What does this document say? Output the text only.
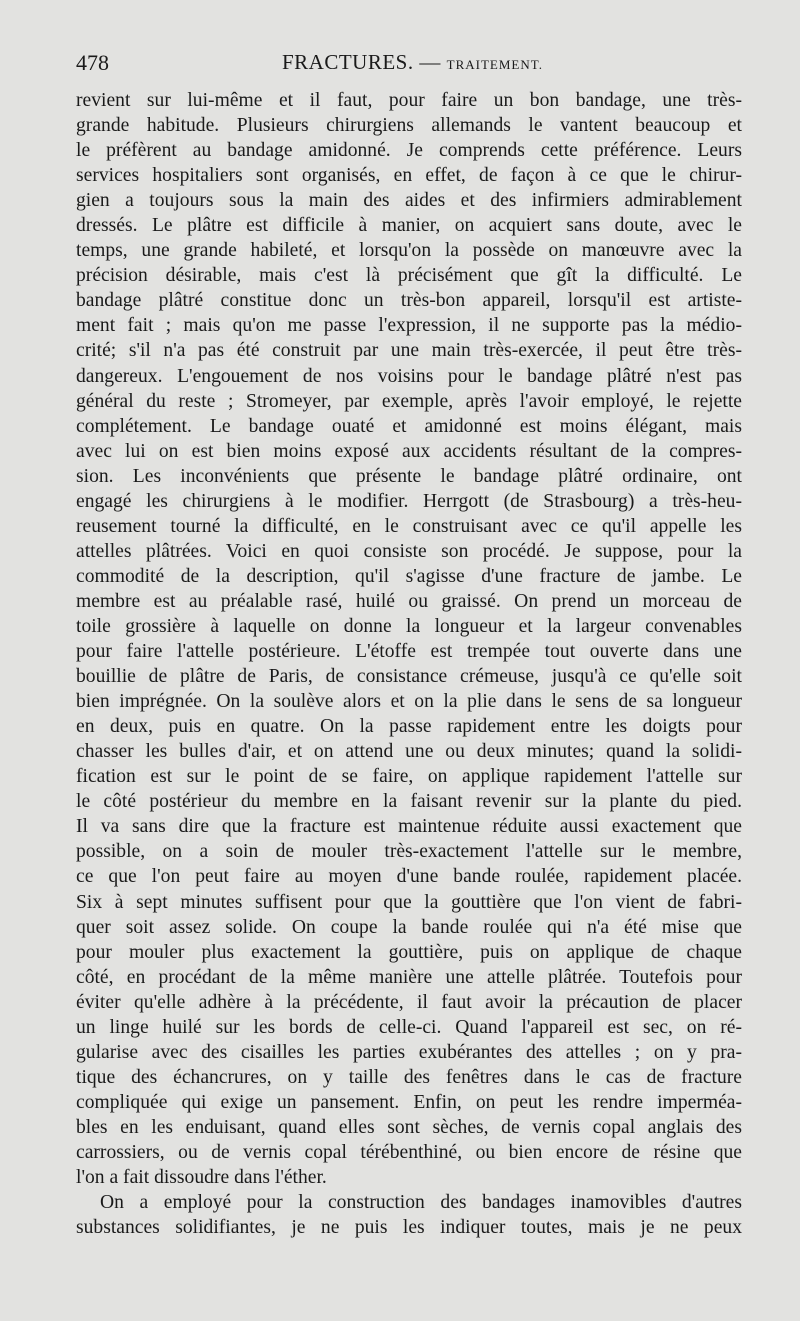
478	FRACTURES. — TRAITEMENT.
revient sur lui-même et il faut, pour faire un bon bandage, une très-
grande habitude. Plusieurs chirurgiens allemands le vantent beaucoup et
le préfèrent au bandage amidonné. Je comprends cette préférence. Leurs
services hospitaliers sont organisés, en effet, de façon à ce que le chirur-
gien a toujours sous la main des aides et des infirmiers admirablement
dressés. Le plâtre est difficile à manier, on acquiert sans doute, avec le
temps, une grande habileté, et lorsqu'on la possède on manœuvre avec la
précision désirable, mais c'est là précisément que gît la difficulté. Le
bandage plâtré constitue donc un très-bon appareil, lorsqu'il est artiste-
ment fait ; mais qu'on me passe l'expression, il ne supporte pas la médio-
crité; s'il n'a pas été construit par une main très-exercée, il peut être très-
dangereux. L'engouement de nos voisins pour le bandage plâtré n'est pas
général du reste ; Stromeyer, par exemple, après l'avoir employé, le rejette
complétement. Le bandage ouaté et amidonné est moins élégant, mais
avec lui on est bien moins exposé aux accidents résultant de la compres-
sion. Les inconvénients que présente le bandage plâtré ordinaire, ont
engagé les chirurgiens à le modifier. Herrgott (de Strasbourg) a très-heu-
reusement tourné la difficulté, en le construisant avec ce qu'il appelle les
attelles plâtrées. Voici en quoi consiste son procédé. Je suppose, pour la
commodité de la description, qu'il s'agisse d'une fracture de jambe. Le
membre est au préalable rasé, huilé ou graissé. On prend un morceau de
toile grossière à laquelle on donne la longueur et la largeur convenables
pour faire l'attelle postérieure. L'étoffe est trempée tout ouverte dans une
bouillie de plâtre de Paris, de consistance crémeuse, jusqu'à ce qu'elle soit
bien imprégnée. On la soulève alors et on la plie dans le sens de sa longueur
en deux, puis en quatre. On la passe rapidement entre les doigts pour
chasser les bulles d'air, et on attend une ou deux minutes; quand la solidi-
fication est sur le point de se faire, on applique rapidement l'attelle sur
le côté postérieur du membre en la faisant revenir sur la plante du pied.
Il va sans dire que la fracture est maintenue réduite aussi exactement que
possible, on a soin de mouler très-exactement l'attelle sur le membre,
ce que l'on peut faire au moyen d'une bande roulée, rapidement placée.
Six à sept minutes suffisent pour que la gouttière que l'on vient de fabri-
quer soit assez solide. On coupe la bande roulée qui n'a été mise que
pour mouler plus exactement la gouttière, puis on applique de chaque
côté, en procédant de la même manière une attelle plâtrée. Toutefois pour
éviter qu'elle adhère à la précédente, il faut avoir la précaution de placer
un linge huilé sur les bords de celle-ci. Quand l'appareil est sec, on ré-
gularise avec des cisailles les parties exubérantes des attelles ; on y pra-
tique des échancrures, on y taille des fenêtres dans le cas de fracture
compliquée qui exige un pansement. Enfin, on peut les rendre imperméa-
bles en les enduisant, quand elles sont sèches, de vernis copal anglais des
carrossiers, ou de vernis copal térébenthiné, ou bien encore de résine que
l'on a fait dissoudre dans l'éther.
On a employé pour la construction des bandages inamovibles d'autres
substances solidifiantes, je ne puis les indiquer toutes, mais je ne peux
